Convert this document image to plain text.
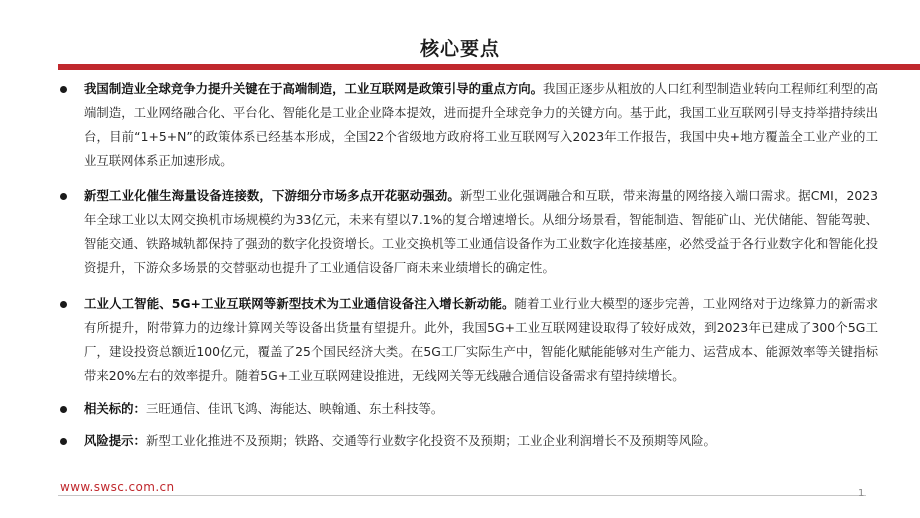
核心要点
我国制造业全球竞争力提升关键在于高端制造，工业互联网是政策引导的重点方向。我国正逐步从粗放的人口红利型制造业转向工程师红利型的高端制造，工业网络融合化、平台化、智能化是工业企业降本提效，进而提升全球竞争力的关键方向。基于此，我国工业互联网引导支持举措持续出台，目前“1+5+N”的政策体系已经基本形成，全国22个省级地方政府将工业互联网写入2023年工作报告，我国中央+地方覆盖全工业产业的工业互联网体系正加速形成。
新型工业化催生海量设备连接数，下游细分市场多点开花驱动强劲。新型工业化强调融合和互联，带来海量的网络接入端口需求。据CMI，2023年全球工业以太网交换机市场规模约为33亿元，未来有望以7.1%的复合增速增长。从细分场景看，智能制造、智能矿山、光伏储能、智能驾驶、智能交通、铁路城轨都保持了强劲的数字化投资增长。工业交换机等工业通信设备作为工业数字化连接基座，必然受益于各行业数字化和智能化投资提升，下游众多场景的交替驱动也提升了工业通信设备厂商未来业绩增长的确定性。
工业人工智能、5G+工业互联网等新型技术为工业通信设备注入增长新动能。随着工业行业大模型的逐步完善，工业网络对于边缘算力的新需求有所提升，附带算力的边缘计算网关等设备出货量有望提升。此外，我国5G+工业互联网建设取得了较好成效，到2023年已建成了300个5G工厂，建设投资总额近100亿元，覆盖了25个国民经济大类。在5G工厂实际生产中，智能化赋能能够对生产能力、运营成本、能源效率等关键指标带来20%左右的效率提升。随着5G+工业互联网建设推进，无线网关等无线融合通信设备需求有望持续增长。
相关标的：三旺通信、佳讯飞鸿、海能达、映翰通、东土科技等。
风险提示：新型工业化推进不及预期；铁路、交通等行业数字化投资不及预期；工业企业利润增长不及预期等风险。
www.swsc.com.cn	1
